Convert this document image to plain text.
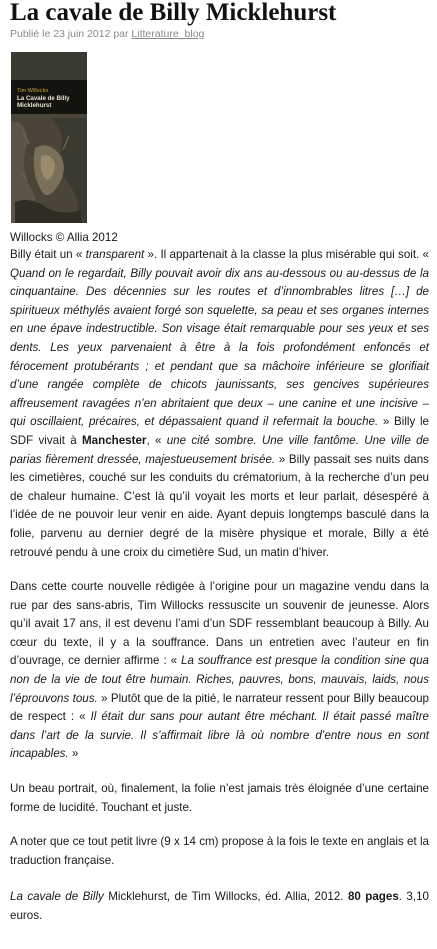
La cavale de Billy Micklehurst
Publié le 23 juin 2012 par Litterature_blog
Tim Willocks
La Cavale de Billy Micklehurst
Willocks © Allia 2012

Billy était un « transparent ». Il appartenait à la classe la plus misérable qui soit. « Quand on le regardait, Billy pouvait avoir dix ans au-dessous ou au-dessus de la cinquantaine. Des décennies sur les routes et d’innombrables litres […] de spiritueux méthylés avaient forgé son squelette, sa peau et ses organes internes en une épave indestructible. Son visage était remarquable pour ses yeux et ses dents. Les yeux parvenaient à être à la fois profondément enfoncés et férocement protubérants ; et pendant que sa mâchoire inférieure se glorifiait d’une rangée complète de chicots jaunissants, ses gencives supérieures affreusement ravagées n’en abritaient que deux – une canine et une incisive – qui oscillaient, précaires, et dépassaient quand il refermait la bouche. » Billy le SDF vivait à Manchester, « une cité sombre. Une ville fantôme. Une ville de parias fièrement dressée, majestueusement brisée. » Billy passait ses nuits dans les cimetières, couché sur les conduits du crématorium, à la recherche d’un peu de chaleur humaine. C’est là qu’il voyait les morts et leur parlait, désespéré à l’idée de ne pouvoir leur venir en aide. Ayant depuis longtemps basculé dans la folie, parvenu au dernier degré de la misère physique et morale, Billy a été retrouvé pendu à une croix du cimetière Sud, un matin d’hiver.

Dans cette courte nouvelle rédigée à l’origine pour un magazine vendu dans la rue par des sans-abris, Tim Willocks ressuscite un souvenir de jeunesse. Alors qu’il avait 17 ans, il est devenu l’ami d’un SDF ressemblant beaucoup à Billy. Au cœur du texte, il y a la souffrance. Dans un entretien avec l’auteur en fin d’ouvrage, ce dernier affirme : « La souffrance est presque la condition sine qua non de la vie de tout être humain. Riches, pauvres, bons, mauvais, laids, nous l’éprouvons tous. » Plutôt que de la pitié, le narrateur ressent pour Billy beaucoup de respect : « Il était dur sans pour autant être méchant. Il était passé maître dans l’art de la survie. Il s’affirmait libre là où nombre d’entre nous en sont incapables. »

Un beau portrait, où, finalement, la folie n’est jamais très éloignée d’une certaine forme de lucidité. Touchant et juste.

A noter que ce tout petit livre (9 x 14 cm) propose à la fois le texte en anglais et la traduction française.

La cavale de Billy Micklehurst, de Tim Willocks, éd. Allia, 2012. 80 pages. 3,10 euros.
